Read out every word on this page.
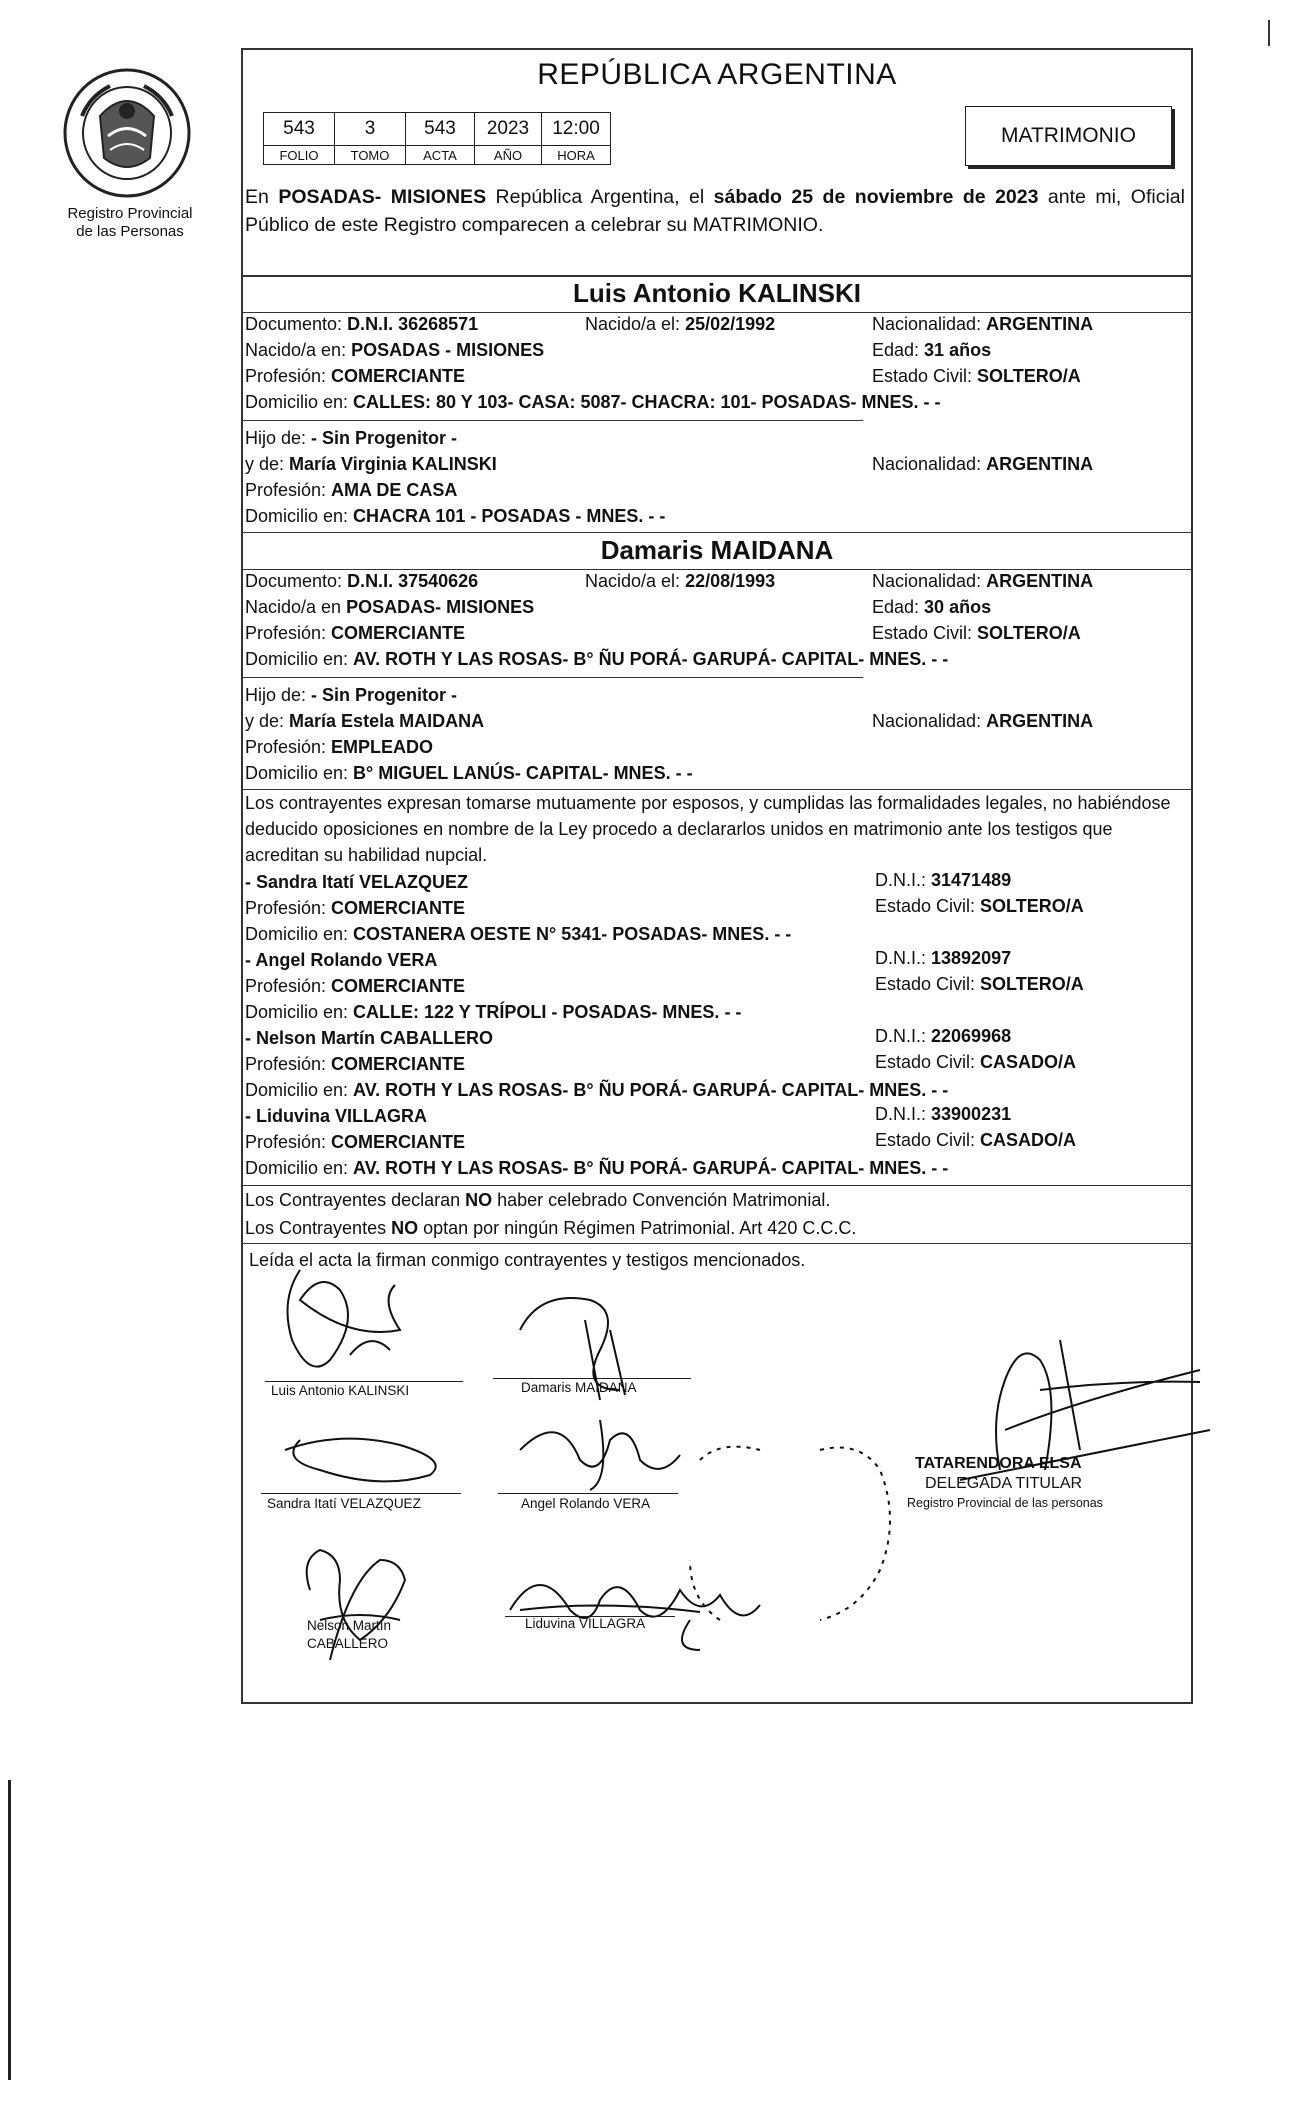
Registro Provincial
de las Personas
REPÚBLICA ARGENTINA
543	3	543	2023	12:00
FOLIO	TOMO	ACTA	AÑO	HORA
MATRIMONIO
En POSADAS- MISIONES República Argentina, el sábado 25 de noviembre de 2023 ante mi, Oficial Público de este Registro comparecen a celebrar su MATRIMONIO.
Luis Antonio KALINSKI
Documento: D.N.I. 36268571	Nacido/a el: 25/02/1992	Nacionalidad: ARGENTINA
Nacido/a en: POSADAS - MISIONES	Edad: 31 años
Profesión: COMERCIANTE	Estado Civil: SOLTERO/A
Domicilio en: CALLES: 80 Y 103- CASA: 5087- CHACRA: 101- POSADAS- MNES. - -
Hijo de: - Sin Progenitor -
y de: María Virginia KALINSKI	Nacionalidad: ARGENTINA
Profesión: AMA DE CASA
Domicilio en: CHACRA 101 - POSADAS - MNES. - -
Damaris MAIDANA
Documento: D.N.I. 37540626	Nacido/a el: 22/08/1993	Nacionalidad: ARGENTINA
Nacido/a en POSADAS- MISIONES	Edad: 30 años
Profesión: COMERCIANTE	Estado Civil: SOLTERO/A
Domicilio en: AV. ROTH Y LAS ROSAS- B° ÑU PORÁ- GARUPÁ- CAPITAL- MNES. - -
Hijo de: - Sin Progenitor -
y de: María Estela MAIDANA	Nacionalidad: ARGENTINA
Profesión: EMPLEADO
Domicilio en: B° MIGUEL LANÚS- CAPITAL- MNES. - -
Los contrayentes expresan tomarse mutuamente por esposos, y cumplidas las formalidades legales, no habiéndose deducido oposiciones en nombre de la Ley procedo a declararlos unidos en matrimonio ante los testigos que acreditan su habilidad nupcial.
- Sandra Itatí VELAZQUEZ	D.N.I.: 31471489
Profesión: COMERCIANTE	Estado Civil: SOLTERO/A
Domicilio en: COSTANERA OESTE N° 5341- POSADAS- MNES. - -
- Angel Rolando VERA	D.N.I.: 13892097
Profesión: COMERCIANTE	Estado Civil: SOLTERO/A
Domicilio en: CALLE: 122 Y TRÍPOLI - POSADAS- MNES. - -
- Nelson Martín CABALLERO	D.N.I.: 22069968
Profesión: COMERCIANTE	Estado Civil: CASADO/A
Domicilio en: AV. ROTH Y LAS ROSAS- B° ÑU PORÁ- GARUPÁ- CAPITAL- MNES. - -
- Liduvina VILLAGRA	D.N.I.: 33900231
Profesión: COMERCIANTE	Estado Civil: CASADO/A
Domicilio en: AV. ROTH Y LAS ROSAS- B° ÑU PORÁ- GARUPÁ- CAPITAL- MNES. - -
Los Contrayentes declaran NO haber celebrado Convención Matrimonial.
Los Contrayentes NO optan por ningún Régimen Patrimonial. Art 420 C.C.C.
Leída el acta la firman conmigo contrayentes y testigos mencionados.
Luis Antonio KALINSKI	Damaris MAIDANA
Sandra Itatí VELAZQUEZ	Angel Rolando VERA
Nelson Martín
CABALLERO
Liduvina VILLAGRA
TATARENDORA ELSA
DELEGADA TITULAR
Registro Provincial de las personas
